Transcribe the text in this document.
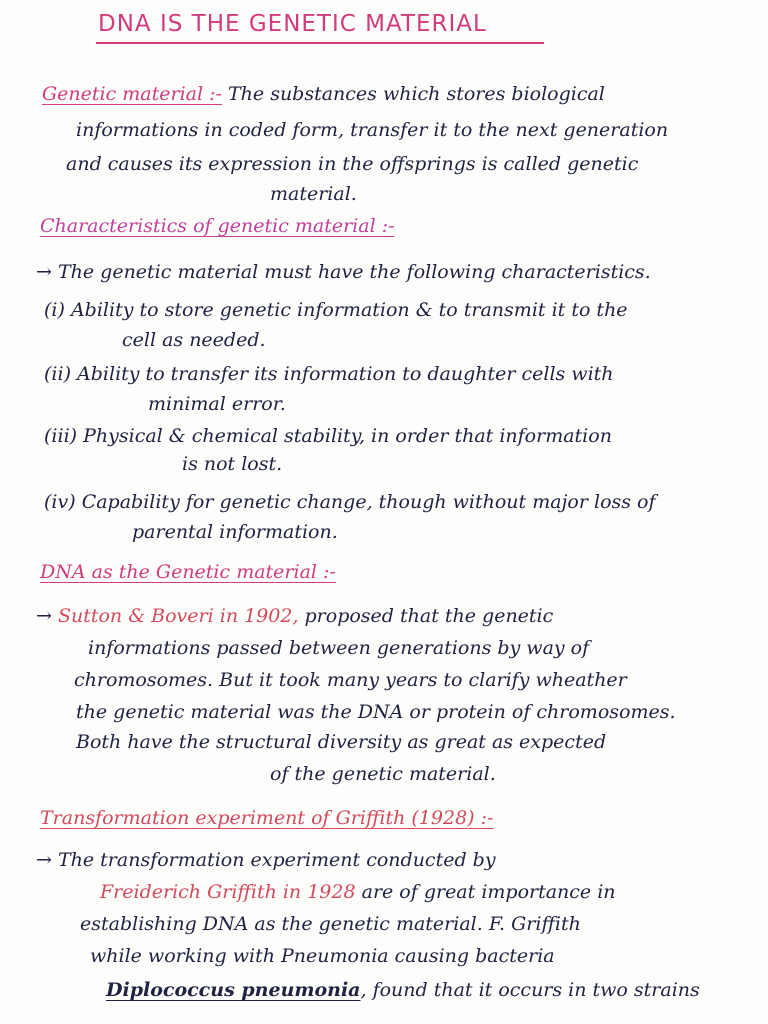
DNA IS THE GENETIC MATERIAL
Genetic material :- The substances which stores biological
informations in coded form, transfer it to the next generation
and causes its expression in the offsprings is called genetic
material.
Characteristics of genetic material :-
→ The genetic material must have the following characteristics.
(i) Ability to store genetic information & to transmit it to the
cell as needed.
(ii) Ability to transfer its information to daughter cells with
minimal error.
(iii) Physical & chemical stability, in order that information
is not lost.
(iv) Capability for genetic change, though without major loss of
parental information.
DNA as the Genetic material :-
→ Sutton & Boveri in 1902, proposed that the genetic
informations passed between generations by way of
chromosomes. But it took many years to clarify wheather
the genetic material was the DNA or protein of chromosomes.
Both have the structural diversity as great as expected
of the genetic material.
Transformation experiment of Griffith (1928) :-
→ The transformation experiment conducted by
Freiderich Griffith in 1928 are of great importance in
establishing DNA as the genetic material. F. Griffith
while working with Pneumonia causing bacteria
Diplococcus pneumonia, found that it occurs in two strains
